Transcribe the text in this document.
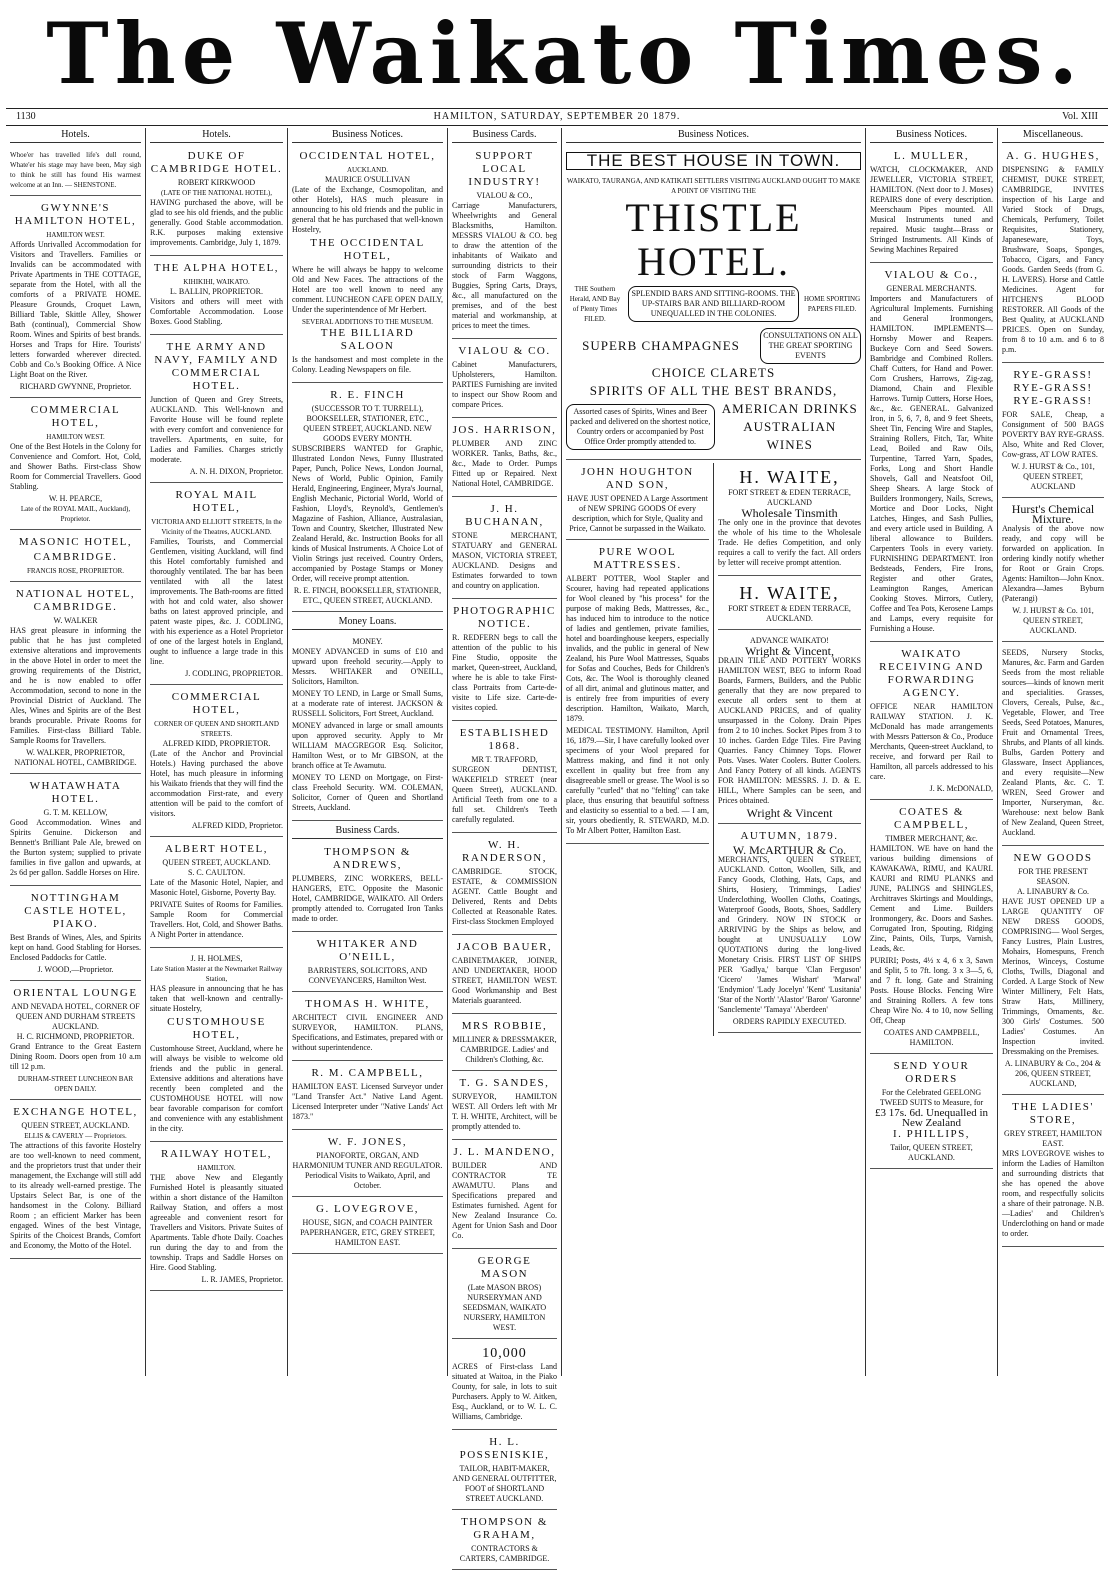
The Waikato Times.
1130	HAMILTON, SATURDAY, SEPTEMBER 20 1879.	Vol. XIII
Hotels.
Whoe'er has travelled life's dull round, Whate'er his stage may have been, May sigh to think he still has found His warmest welcome at an Inn. — SHENSTONE.
GWYNNE'S HAMILTON HOTEL,
HAMILTON WEST.
Affords Unrivalled Accommodation for Visitors and Travellers. Families or Invalids can be accommodated with Private Apartments in THE COTTAGE, separate from the Hotel, with all the comforts of a PRIVATE HOME. Pleasure Grounds, Croquet Lawn, Billiard Table, Skittle Alley, Shower Bath (continual), Commercial Show Room. Wines and Spirits of best brands. Horses and Traps for Hire. Tourists' letters forwarded wherever directed. Cobb and Co.'s Booking Office. A Nice Light Boat on the River.
RICHARD GWYNNE, Proprietor.
COMMERCIAL HOTEL,
HAMILTON WEST.
One of the Best Hotels in the Colony for Convenience and Comfort. Hot, Cold, and Shower Baths. First-class Show Room for Commercial Travellers. Good Stabling.
W. H. PEARCE,
Late of the ROYAL MAIL, Auckland), Proprietor.
MASONIC HOTEL,
CAMBRIDGE.
FRANCIS ROSE, PROPRIETOR.
NATIONAL HOTEL, CAMBRIDGE.
W. WALKER
HAS great pleasure in informing the public that he has just completed extensive alterations and improvements in the above Hotel in order to meet the growing requirements of the District, and he is now enabled to offer Accommodation, second to none in the Provincial District of Auckland. The Ales, Wines and Spirits are of the Best brands procurable. Private Rooms for Families. First-class Billiard Table. Sample Rooms for Travellers.
W. WALKER, PROPRIETOR, NATIONAL HOTEL, CAMBRIDGE.
WHATAWHATA HOTEL.
G. T. M. KELLOW,
Good Accommodation. Wines and Spirits Genuine. Dickerson and Bennett's Brilliant Pale Ale, brewed on the Burton system; supplied to private families in five gallon and upwards, at 2s 6d per gallon. Saddle Horses on Hire.
NOTTINGHAM CASTLE HOTEL, PIAKO.
Best Brands of Wines, Ales, and Spirits kept on hand. Good Stabling for Horses. Enclosed Paddocks for Cattle.
J. WOOD,—Proprietor.
ORIENTAL LOUNGE
AND NEVADA HOTEL, CORNER OF QUEEN AND DURHAM STREETS AUCKLAND.
H. C. RICHMOND, PROPRIETOR.
Grand Entrance to the Great Eastern Dining Room. Doors open from 10 a.m till 12 p.m.
DURHAM-STREET LUNCHEON BAR OPEN DAILY.
EXCHANGE HOTEL,
QUEEN STREET, AUCKLAND.
ELLIS & CAVERLY — Proprietors.
The attractions of this favorite Hostelry are too well-known to need comment, and the proprietors trust that under their management, the Exchange will still add to its already well-earned prestige. The Upstairs Select Bar, is one of the handsomest in the Colony. Billiard Room ; an efficient Marker has been engaged. Wines of the best Vintage, Spirits of the Choicest Brands, Comfort and Economy, the Motto of the Hotel.
Hotels.
DUKE OF CAMBRIDGE HOTEL.
ROBERT KIRKWOOD
(LATE OF THE NATIONAL HOTEL),
HAVING purchased the above, will be glad to see his old friends, and the public generally. Good Stable accommodation. R.K. purposes making extensive improvements. Cambridge, July 1, 1879.
THE ALPHA HOTEL,
KIHIKIHI, WAIKATO.
L. BALLIN, PROPRIETOR.
Visitors and others will meet with Comfortable Accommodation. Loose Boxes. Good Stabling.
THE ARMY AND NAVY, FAMILY AND COMMERCIAL HOTEL.
Junction of Queen and Grey Streets, AUCKLAND. This Well-known and Favorite House will be found replete with every comfort and convenience for travellers. Apartments, en suite, for Ladies and Families. Charges strictly moderate.
A. N. H. DIXON, Proprietor.
ROYAL MAIL HOTEL,
VICTORIA AND ELLIOTT STREETS, In the Vicinity of the Theatres, AUCKLAND.
Families, Tourists, and Commercial Gentlemen, visiting Auckland, will find this Hotel comfortably furnished and thoroughly ventilated. The bar has been ventilated with all the latest improvements. The Bath-rooms are fitted with hot and cold water, also shower baths on latest approved principle, and patent waste pipes, &c. J. CODLING, with his experience as a Hotel Proprietor of one of the largest hotels in England, ought to influence a large trade in this line.
J. CODLING, PROPRIETOR.
COMMERCIAL HOTEL,
CORNER OF QUEEN AND SHORTLAND STREETS.
ALFRED KIDD, PROPRIETOR.
(Late of the Anchor and Provincial Hotels.) Having purchased the above Hotel, has much pleasure in informing his Waikato friends that they will find the accommodation First-rate, and every attention will be paid to the comfort of visitors.
ALFRED KIDD, Proprietor.
ALBERT HOTEL,
QUEEN STREET, AUCKLAND.
S. C. CAULTON.
Late of the Masonic Hotel, Napier, and Masonic Hotel, Gisborne, Poverty Bay.
PRIVATE Suites of Rooms for Families. Sample Room for Commercial Travellers. Hot, Cold, and Shower Baths. A Night Porter in attendance.
J. H. HOLMES,
Late Station Master at the Newmarket Railway Station,
HAS pleasure in announcing that he has taken that well-known and centrally-situate Hostelry,
CUSTOMHOUSE HOTEL,
Customhouse Street, Auckland, where he will always be visible to welcome old friends and the public in general. Extensive additions and alterations have recently been completed and the CUSTOMHOUSE HOTEL will now bear favorable comparison for comfort and convenience with any establishment in the city.
RAILWAY HOTEL,
HAMILTON.
THE above New and Elegantly Furnished Hotel is pleasantly situated within a short distance of the Hamilton Railway Station, and offers a most agreeable and convenient resort for Travellers and Visitors. Private Suites of Apartments. Table d'hote Daily. Coaches run during the day to and from the township. Traps and Saddle Horses on Hire. Good Stabling.
L. R. JAMES, Proprietor.
Business Notices.
OCCIDENTAL HOTEL,
AUCKLAND.
MAURICE O'SULLIVAN
(Late of the Exchange, Cosmopolitan, and other Hotels), HAS much pleasure in announcing to his old friends and the public in general that he has purchased that well-known Hostelry,
THE OCCIDENTAL HOTEL,
Where he will always be happy to welcome Old and New Faces. The attractions of the Hotel are too well known to need any comment. LUNCHEON CAFE OPEN DAILY, Under the superintendence of Mr Herbert.
SEVERAL ADDITIONS TO THE MUSEUM.
THE BILLIARD SALOON
Is the handsomest and most complete in the Colony. Leading Newspapers on file.
R. E. FINCH
(SUCCESSOR TO T. TURRELL), BOOKSELLER, STATIONER, ETC., QUEEN STREET, AUCKLAND. NEW GOODS EVERY MONTH.
SUBSCRIBERS WANTED for Graphic, Illustrated London News, Funny Illustrated Paper, Punch, Police News, London Journal, News of World, Public Opinion, Family Herald, Engineering, Engineer, Myra's Journal, English Mechanic, Pictorial World, World of Fashion, Lloyd's, Reynold's, Gentlemen's Magazine of Fashion, Alliance, Australasian, Town and Country, Sketcher, Illustrated New Zealand Herald, &c. Instruction Books for all kinds of Musical Instruments. A Choice Lot of Violin Strings just received. Country Orders, accompanied by Postage Stamps or Money Order, will receive prompt attention.
R. E. FINCH, BOOKSELLER, STATIONER, ETC., QUEEN STREET, AUCKLAND.
Money Loans.
MONEY.
MONEY ADVANCED in sums of £10 and upward upon freehold security.—Apply to Messrs. WHITAKER and O'NEILL, Solicitors, Hamilton.
MONEY TO LEND, in Large or Small Sums, at a moderate rate of interest. JACKSON & RUSSELL Solicitors, Fort Street, Auckland.
MONEY advanced in large or small amounts upon approved security. Apply to Mr WILLIAM MACGREGOR Esq. Solicitor, Hamilton West, or to Mr GIBSON, at the branch office at Te Awamutu.
MONEY TO LEND on Mortgage, on First-class Freehold Security. WM. COLEMAN, Solicitor, Corner of Queen and Shortland Streets, Auckland.
Business Cards.
THOMPSON & ANDREWS,
PLUMBERS, ZINC WORKERS, BELL-HANGERS, ETC. Opposite the Masonic Hotel, CAMBRIDGE, WAIKATO. All Orders promptly attended to. Corrugated Iron Tanks made to order.
WHITAKER AND O'NEILL,
BARRISTERS, SOLICITORS, AND CONVEYANCERS, Hamilton West.
THOMAS H. WHITE,
ARCHITECT CIVIL ENGINEER AND SURVEYOR, HAMILTON. PLANS, Specifications, and Estimates, prepared with or without superintendence.
R. M. CAMPBELL,
HAMILTON EAST. Licensed Surveyor under "Land Transfer Act." Native Land Agent. Licensed Interpreter under "Native Lands' Act 1873."
W. F. JONES,
PIANOFORTE, ORGAN, AND HARMONIUM TUNER AND REGULATOR. Periodical Visits to Waikato, April, and October.
G. LOVEGROVE,
HOUSE, SIGN, and COACH PAINTER PAPERHANGER, ETC, GREY STREET, HAMILTON EAST.
Business Cards.
SUPPORT LOCAL INDUSTRY!
VIALOU & CO.,
Carriage Manufacturers, Wheelwrights and General Blacksmiths, Hamilton. MESSRS VIALOU & CO. beg to draw the attention of the inhabitants of Waikato and surrounding districts to their stock of Farm Waggons, Buggies, Spring Carts, Drays, &c., all manufactured on the premises, and of the best material and workmanship, at prices to meet the times.
VIALOU & CO.
Cabinet Manufacturers, Upholsterers, Hamilton. PARTIES Furnishing are invited to inspect our Show Room and compare Prices.
JOS. HARRISON,
PLUMBER AND ZINC WORKER. Tanks, Baths, &c., &c., Made to Order. Pumps Fitted up or Repaired. Next National Hotel, CAMBRIDGE.
J. H. BUCHANAN,
STONE MERCHANT, STATUARY and GENERAL MASON, VICTORIA STREET, AUCKLAND. Designs and Estimates forwarded to town and country on application.
PHOTOGRAPHIC NOTICE.
R. REDFERN begs to call the attention of the public to his Fine Studio, opposite the market, Queen-street, Auckland, where he is able to take First-class Portraits from Carte-de-visite to Life size. Carte-de-visites copied.
ESTABLISHED 1868.
MR T. TRAFFORD,
SURGEON DENTIST, WAKEFIELD STREET (near Queen Street), AUCKLAND. Artificial Teeth from one to a full set. Children's Teeth carefully regulated.
W. H. RANDERSON,
CAMBRIDGE. STOCK, ESTATE, & COMMISSION AGENT. Cattle Bought and Delivered, Rents and Debts Collected at Reasonable Rates. First-class Stockmen Employed
JACOB BAUER,
CABINETMAKER, JOINER, AND UNDERTAKER, HOOD STREET, HAMILTON WEST. Good Workmanship and Best Materials guaranteed.
MRS ROBBIE,
MILLINER & DRESSMAKER, CAMBRIDGE. Ladies' and Children's Clothing, &c.
T. G. SANDES,
SURVEYOR, HAMILTON WEST. All Orders left with Mr T. H. WHITE, Architect, will be promptly attended to.
J. L. MANDENO,
BUILDER AND CONTRACTOR TE AWAMUTU. Plans and Specifications prepared and Estimates furnished. Agent for New Zealand Insurance Co. Agent for Union Sash and Door Co.
GEORGE MASON
(Late MASON BROS) NURSERYMAN AND SEEDSMAN, WAIKATO NURSERY, HAMILTON WEST.
10,000
ACRES of First-class Land situated at Waitoa, in the Piako County, for sale, in lots to suit Purchasers. Apply to W. Aitken, Esq., Auckland, or to W. L. C. Williams, Cambridge.
H. L. POSSENISKIE,
TAILOR, HABIT-MAKER, AND GENERAL OUTFITTER, FOOT of SHORTLAND STREET AUCKLAND.
THOMPSON & GRAHAM,
CONTRACTORS & CARTERS, CAMBRIDGE.
Business Notices.
THE BEST HOUSE IN TOWN.
WAIKATO, TAURANGA, AND KATIKATI SETTLERS VISITING AUCKLAND OUGHT TO MAKE A POINT OF VISITING THE
THISTLE HOTEL.
THE Southern Herald, AND Bay of Plenty Times FILED.
SPLENDID BARS AND SITTING-ROOMS. THE UP-STAIRS BAR AND BILLIARD-ROOM UNEQUALLED IN THE COLONIES.
HOME SPORTING PAPERS FILED.
SUPERB CHAMPAGNES
CONSULTATIONS ON ALL THE GREAT SPORTING EVENTS
CHOICE CLARETS
SPIRITS OF ALL THE BEST BRANDS,
Assorted cases of Spirits, Wines and Beer packed and delivered on the shortest notice, Country orders or accompanied by Post Office Order promptly attended to.
AMERICAN DRINKS
AUSTRALIAN WINES
JOHN HOUGHTON AND SON,
HAVE JUST OPENED A Large Assortment of NEW SPRING GOODS Of every description, which for Style, Quality and Price, Cannot be surpassed in the Waikato.
PURE WOOL MATTRESSES.
ALBERT POTTER, Wool Stapler and Scourer, having had repeated applications for Wool cleaned by "his process" for the purpose of making Beds, Mattresses, &c., has induced him to introduce to the notice of ladies and gentlemen, private families, hotel and boardinghouse keepers, especially invalids, and the public in general of New Zealand, his Pure Wool Mattresses, Squabs for Sofas and Couches, Beds for Children's Cots, &c. The Wool is thoroughly cleaned of all dirt, animal and glutinous matter, and is entirely free from impurities of every description. Hamilton, Waikato, March, 1879.
MEDICAL TESTIMONY. Hamilton, April 16, 1879.—Sir, I have carefully looked over specimens of your Wool prepared for Mattress making, and find it not only excellent in quality but free from any disagreeable smell or grease. The Wool is so carefully "curled" that no "felting" can take place, thus ensuring that beautiful softness and elasticity so essential to a bed. — I am, sir, yours obediently, R. STEWARD, M.D. To Mr Albert Potter, Hamilton East.
H. WAITE,
FORT STREET & EDEN TERRACE, AUCKLAND
Wholesale Tinsmith
The only one in the province that devotes the whole of his time to the Wholesale Trade. He defies Competition, and only requires a call to verify the fact. All orders by letter will receive prompt attention.
H. WAITE,
FORT STREET & EDEN TERRACE, AUCKLAND.
ADVANCE WAIKATO!
Wright & Vincent,
DRAIN TILE AND POTTERY WORKS HAMILTON WEST, BEG to inform Road Boards, Farmers, Builders, and the Public generally that they are now prepared to execute all orders sent to them at AUCKLAND PRICES, and of quality unsurpassed in the Colony. Drain Pipes from 2 to 10 inches. Socket Pipes from 3 to 10 inches. Garden Edge Tiles. Fire Paving Quarries. Fancy Chimney Tops. Flower Pots. Vases. Water Coolers. Butter Coolers. And Fancy Pottery of all kinds. AGENTS FOR HAMILTON: MESSRS. J. D. & E. HILL, Where Samples can be seen, and Prices obtained.
Wright & Vincent
AUTUMN, 1879.
W. McARTHUR & Co.
MERCHANTS, QUEEN STREET, AUCKLAND. Cotton, Woollen, Silk, and Fancy Goods, Clothing, Hats, Caps, and Shirts, Hosiery, Trimmings, Ladies' Underclothing, Woollen Cloths, Coatings, Waterproof Goods, Boots, Shoes, Saddlery and Grindery. NOW IN STOCK or ARRIVING by the Ships as below, and bought at UNUSUALLY LOW QUOTATIONS during the long-lived Monetary Crisis. FIRST LIST OF SHIPS PER 'Gadlya,' barque 'Clan Ferguson' 'Cicero' 'James Wishart' 'Marwal' 'Endymion' 'Lady Jocelyn' 'Kent' 'Lusitania' 'Star of the North' 'Alastor' 'Baron' 'Garonne' 'Sanclemente' 'Tamaya' 'Aberdeen'
ORDERS RAPIDLY EXECUTED.
Business Notices.
L. MULLER,
WATCH, CLOCKMAKER, AND JEWELLER, VICTORIA STREET, HAMILTON. (Next door to J. Moses) REPAIRS done of every description. Meerschaum Pipes mounted. All Musical Instruments tuned and repaired. Music taught—Brass or Stringed Instruments. All Kinds of Sewing Machines Repaired
VIALOU & Co.,
GENERAL MERCHANTS.
Importers and Manufacturers of Agricultural Implements. Furnishing and General Ironmongers, HAMILTON. IMPLEMENTS— Hornsby Mower and Reapers. Buckeye Corn and Seed Sowers. Bambridge and Combined Rollers. Chaff Cutters, for Hand and Power. Corn Crushers, Harrows, Zig-zag, Diamond, Chain and Flexible Harrows. Turnip Cutters, Horse Hoes, &c., &c. GENERAL. Galvanized Iron, in 5, 6, 7, 8, and 9 feet Sheets, Sheet Tin, Fencing Wire and Staples, Straining Rollers, Fitch, Tar, White Lead, Boiled and Raw Oils, Turpentine, Tarred Yarn, Spades, Forks, Long and Short Handle Shovels, Gall and Neatsfoot Oil, Sheep Shears. A large Stock of Builders Ironmongery, Nails, Screws, Mortice and Door Locks, Night Latches, Hinges, and Sash Pullies, and every article used in Building. A liberal allowance to Builders. Carpenters Tools in every variety. FURNISHING DEPARTMENT. Iron Bedsteads, Fenders, Fire Irons, Register and other Grates, Leamington Ranges, American Cooking Stoves. Mirrors, Cutlery, Coffee and Tea Pots, Kerosene Lamps and Lamps, every requisite for Furnishing a House.
WAIKATO RECEIVING AND FORWARDING AGENCY.
OFFICE NEAR HAMILTON RAILWAY STATION. J. K. McDonald has made arrangements with Messrs Patterson & Co., Produce Merchants, Queen-street Auckland, to receive, and forward per Rail to Hamilton, all parcels addressed to his care.
J. K. McDONALD,
COATES & CAMPBELL,
TIMBER MERCHANT, &c.
HAMILTON. WE have on hand the various building dimensions of KAWAKAWA, RIMU, and KAURI. KAURI and RIMU PLANKS and JUNE, PALINGS and SHINGLES, Architraves Skirtings and Mouldings, Cement and Lime. Builders Ironmongery, &c. Doors and Sashes. Corrugated Iron, Spouting, Ridging Zinc, Paints, Oils, Turps, Varnish, Leads, &c.
PURIRI; Posts, 4½ x 4, 6 x 3, Sawn and Split, 5 to 7ft. long. 3 x 3—5, 6, and 7 ft. long. Gate and Straining Posts. House Blocks. Fencing Wire and Straining Rollers. A few tons Cheap Wire No. 4 to 10, now Selling Off, Cheap
COATES AND CAMPBELL, HAMILTON.
SEND YOUR ORDERS
For the Celebrated GEELONG TWEED SUITS to Measure, for
£3 17s. 6d. Unequalled in New Zealand
I. PHILLIPS,
Tailor, QUEEN STREET, AUCKLAND.
Miscellaneous.
A. G. HUGHES,
DISPENSING & FAMILY CHEMIST, DUKE STREET, CAMBRIDGE, INVITES inspection of his Large and Varied Stock of Drugs, Chemicals, Perfumery, Toilet Requisites, Stationery, Japaneseware, Toys, Brushware, Soaps, Sponges, Tobacco, Cigars, and Fancy Goods. Garden Seeds (from G. H. LAVERS). Horse and Cattle Medicines. Agent for HITCHEN'S BLOOD RESTORER. All Goods of the Best Quality, at AUCKLAND PRICES. Open on Sunday, from 8 to 10 a.m. and 6 to 8 p.m.
RYE-GRASS! RYE-GRASS! RYE-GRASS!
FOR SALE, Cheap, a Consignment of 500 BAGS POVERTY BAY RYE-GRASS. Also, White and Red Clover, Cow-grass, AT LOW RATES.
W. J. HURST & Co., 101, QUEEN STREET, AUCKLAND
Hurst's Chemical Mixture.
Analysis of the above now ready, and copy will be forwarded on application. In ordering kindly notify whether for Root or Grain Crops. Agents: Hamilton—John Knox. Alexandra—James Byburn (Paterangi)
W. J. HURST & Co. 101, QUEEN STREET, AUCKLAND.
SEEDS, Nursery Stocks, Manures, &c. Farm and Garden Seeds from the most reliable sources—kinds of known merit and specialities. Grasses, Clovers, Cereals, Pulse, &c., Vegetable, Flower, and Tree Seeds, Seed Potatoes, Manures, Fruit and Ornamental Trees, Shrubs, and Plants of all kinds. Bulbs, Garden Pottery and Glassware, Insect Appliances, and every requisite—New Zealand Plants, &c. C. T. WREN, Seed Grower and Importer, Nurseryman, &c. Warehouse: next below Bank of New Zealand, Queen Street, Auckland.
NEW GOODS
FOR THE PRESENT SEASON.
A. LINABURY & Co.
HAVE JUST OPENED UP a LARGE QUANTITY OF NEW DRESS GOODS, COMPRISING— Wool Serges, Fancy Lustres, Plain Lustres, Mohairs, Homespuns, French Merinos, Winceys, Costume Cloths, Twills, Diagonal and Corded. A Large Stock of New Winter Millinery, Felt Hats, Straw Hats, Millinery, Trimmings, Ornaments, &c. 300 Girls' Costumes. 500 Ladies' Costumes. An Inspection invited. Dressmaking on the Premises.
A. LINABURY & Co., 204 & 206, QUEEN STREET, AUCKLAND,
THE LADIES' STORE,
GREY STREET, HAMILTON EAST.
MRS LOVEGROVE wishes to inform the Ladies of Hamilton and surrounding districts that she has opened the above room, and respectfully solicits a share of their patronage. N.B.—Ladies' and Children's Underclothing on hand or made to order.
